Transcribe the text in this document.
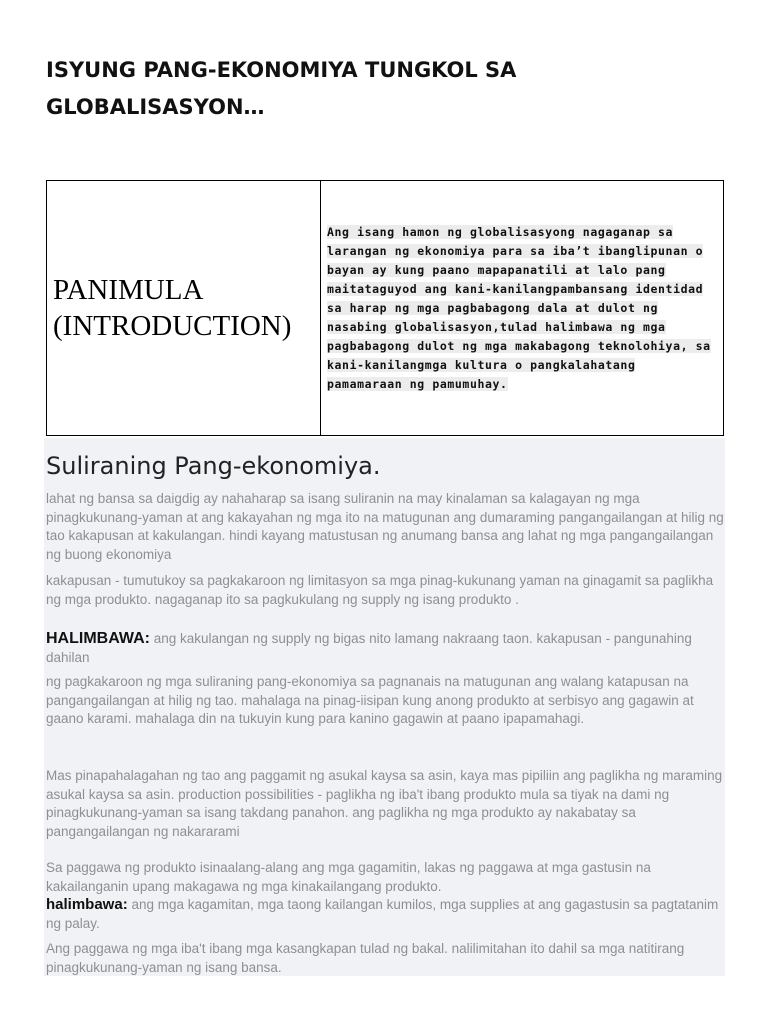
ISYUNG PANG-EKONOMIYA TUNGKOL SA
GLOBALISASYON…
PANIMULA
(INTRODUCTION)
Ang isang hamon ng globalisasyong nagaganap sa larangan ng ekonomiya para sa iba’t ibanglipunan o bayan ay kung paano mapapanatili at lalo pang maitataguyod ang kani-kanilangpambansang identidad sa harap ng mga pagbabagong dala at dulot ng nasabing globalisasyon,tulad halimbawa ng mga pagbabagong dulot ng mga makabagong teknolohiya, sa kani-kanilangmga kultura o pangkalahatang pamamaraan ng pamumuhay.
Suliraning Pang-ekonomiya.
lahat ng bansa sa daigdig ay nahaharap sa isang suliranin na may kinalaman sa kalagayan ng mga pinagkukunang-yaman at ang kakayahan ng mga ito na matugunan ang dumaraming pangangailangan at hilig ng tao kakapusan at kakulangan. hindi kayang matustusan ng anumang bansa ang lahat ng mga pangangailangan ng buong ekonomiya
kakapusan - tumutukoy sa pagkakaroon ng limitasyon sa mga pinag-kukunang yaman na ginagamit sa paglikha ng mga produkto. nagaganap ito sa pagkukulang ng supply ng isang produkto .
HALIMBAWA: ang kakulangan ng supply ng bigas nito lamang nakraang taon. kakapusan - pangunahing dahilan
ng pagkakaroon ng mga suliraning pang-ekonomiya sa pagnanais na matugunan ang walang katapusan na pangangailangan at hilig ng tao. mahalaga na pinag-iisipan kung anong produkto at serbisyo ang gagawin at gaano karami. mahalaga din na tukuyin kung para kanino gagawin at paano ipapamahagi.
Mas pinapahalagahan ng tao ang paggamit ng asukal kaysa sa asin, kaya mas pipiliin ang paglikha ng maraming asukal kaysa sa asin. production possibilities - paglikha ng iba't ibang produkto mula sa tiyak na dami ng pinagkukunang-yaman sa isang takdang panahon. ang paglikha ng mga produkto ay nakabatay sa pangangailangan ng nakararami
Sa paggawa ng produkto isinaalang-alang ang mga gagamitin, lakas ng paggawa at mga gastusin na kakailanganin upang makagawa ng mga kinakailangang produkto.
halimbawa: ang mga kagamitan, mga taong kailangan kumilos, mga supplies at ang gagastusin sa pagtatanim ng palay.
Ang paggawa ng mga iba't ibang mga kasangkapan tulad ng bakal. nalilimitahan ito dahil sa mga natitirang pinagkukunang-yaman ng isang bansa.
